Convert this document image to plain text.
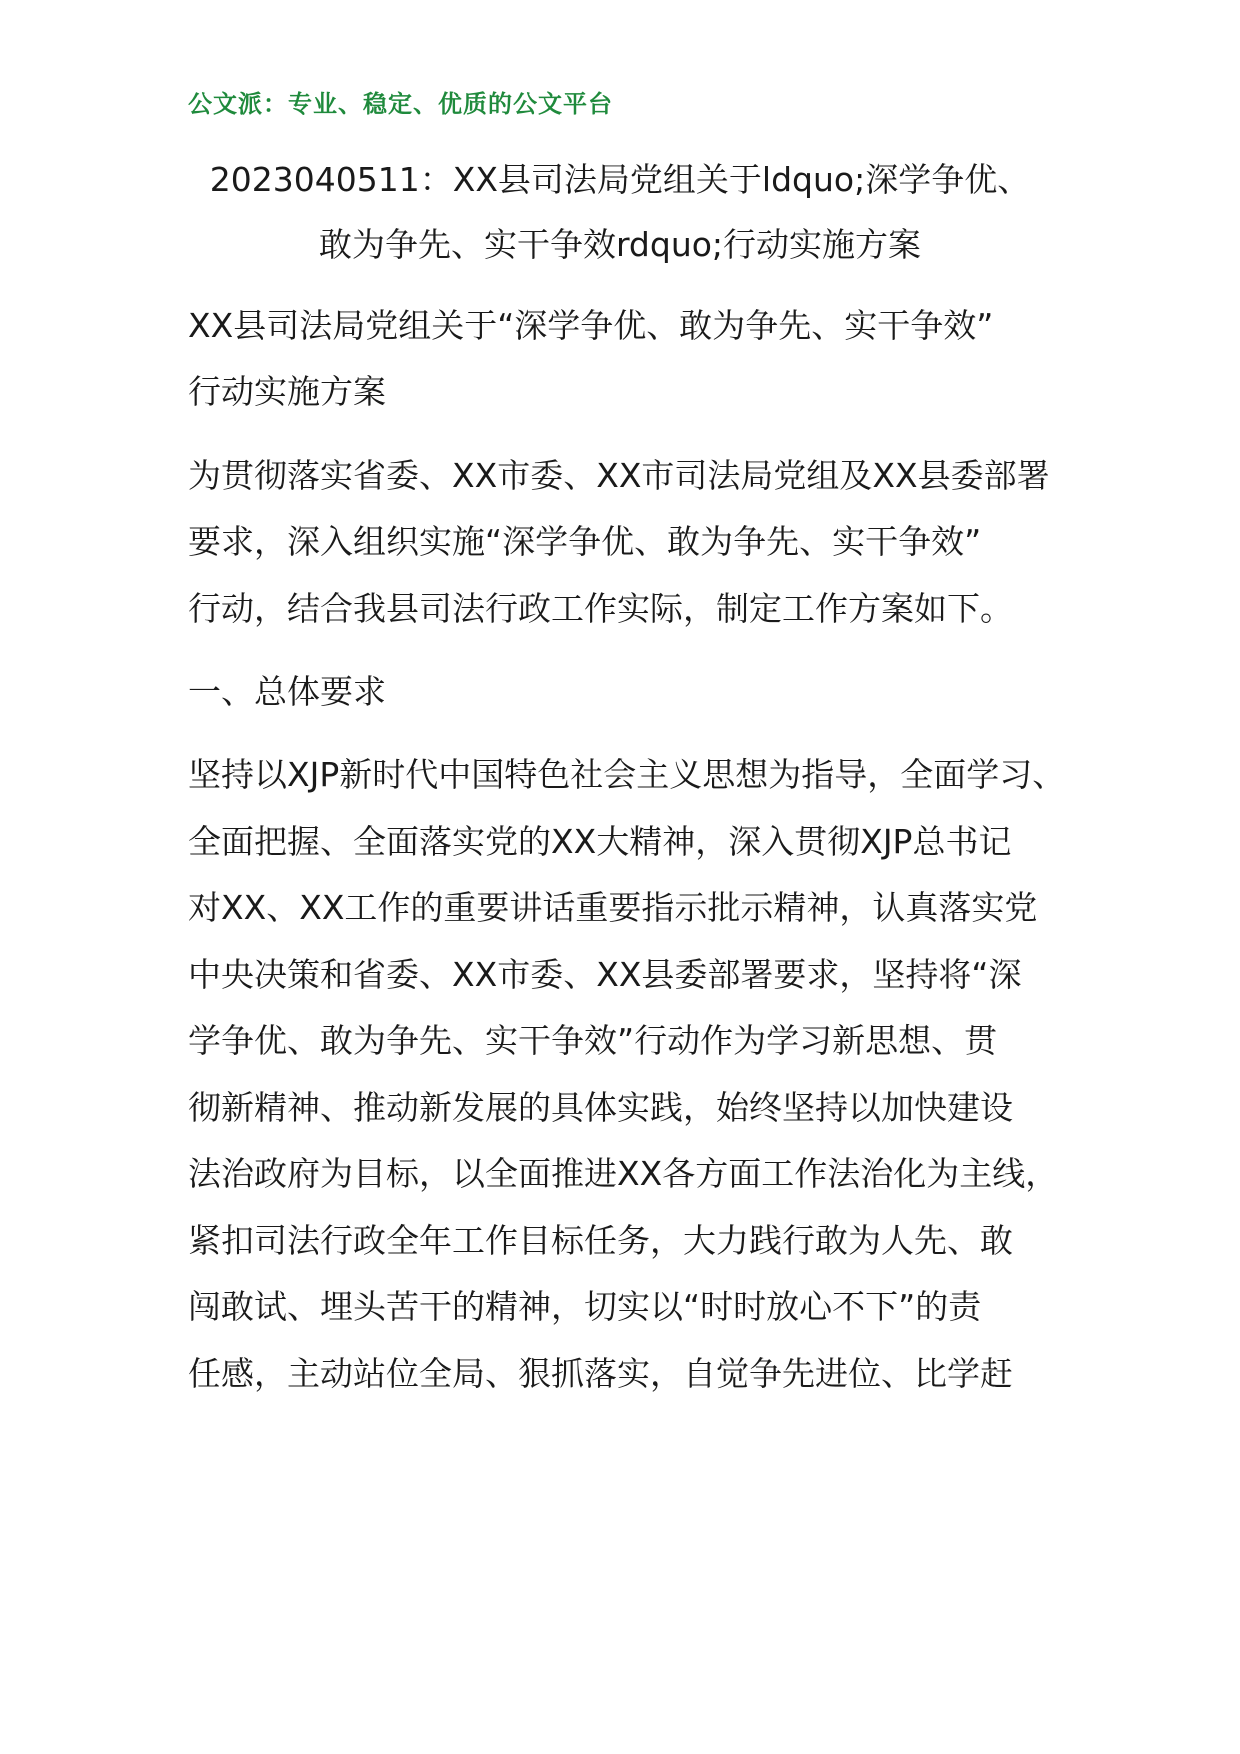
公文派：专业、稳定、优质的公文平台
2023040511：XX县司法局党组关于ldquo;深学争优、
敢为争先、实干争效rdquo;行动实施方案
XX县司法局党组关于“深学争优、敢为争先、实干争效”
行动实施方案
为贯彻落实省委、XX市委、XX市司法局党组及XX县委部署
要求，深入组织实施“深学争优、敢为争先、实干争效”
行动，结合我县司法行政工作实际，制定工作方案如下。
一、总体要求
坚持以XJP新时代中国特色社会主义思想为指导，全面学习、
全面把握、全面落实党的XX大精神，深入贯彻XJP总书记
对XX、XX工作的重要讲话重要指示批示精神，认真落实党
中央决策和省委、XX市委、XX县委部署要求，坚持将“深
学争优、敢为争先、实干争效”行动作为学习新思想、贯
彻新精神、推动新发展的具体实践，始终坚持以加快建设
法治政府为目标，以全面推进XX各方面工作法治化为主线，
紧扣司法行政全年工作目标任务，大力践行敢为人先、敢
闯敢试、埋头苦干的精神，切实以“时时放心不下”的责
任感，主动站位全局、狠抓落实，自觉争先进位、比学赶
